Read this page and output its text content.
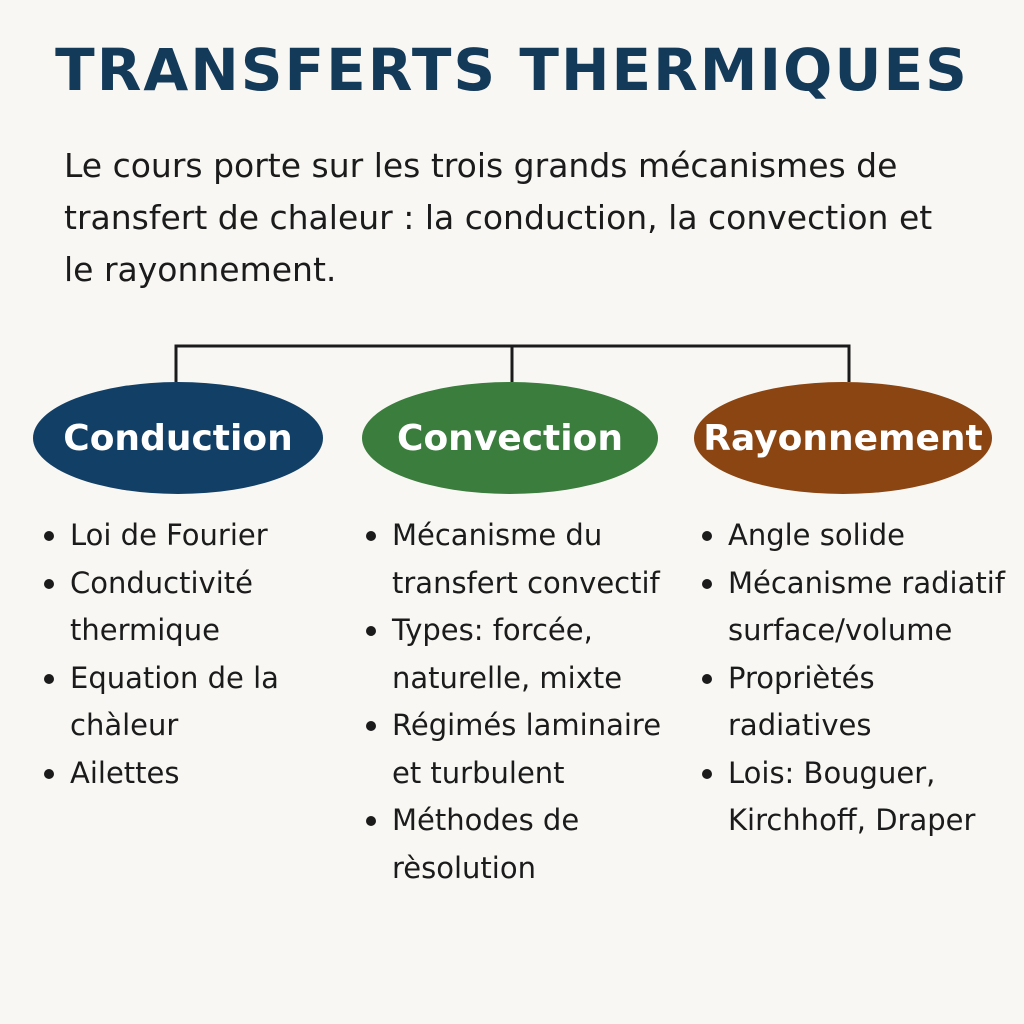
TRANSFERTS THERMIQUES

Le cours porte sur les trois grands mécanismes de transfert de chaleur : la conduction, la convection et le rayonnement.

Conduction	Convection Rayonnement
Loi de Fourier
Conductivité thermique
Equation de la chàleur
Ailettes
Mécanisme du transfert convectif
Types: forcée, naturelle, mixte
Régimés laminaire et turbulent
Méthodes de rèsolution
Angle solide
Mécanisme radiatif surface/volume
Propriètés radiatives
Lois: Bouguer, Kirchhoff, Draper
